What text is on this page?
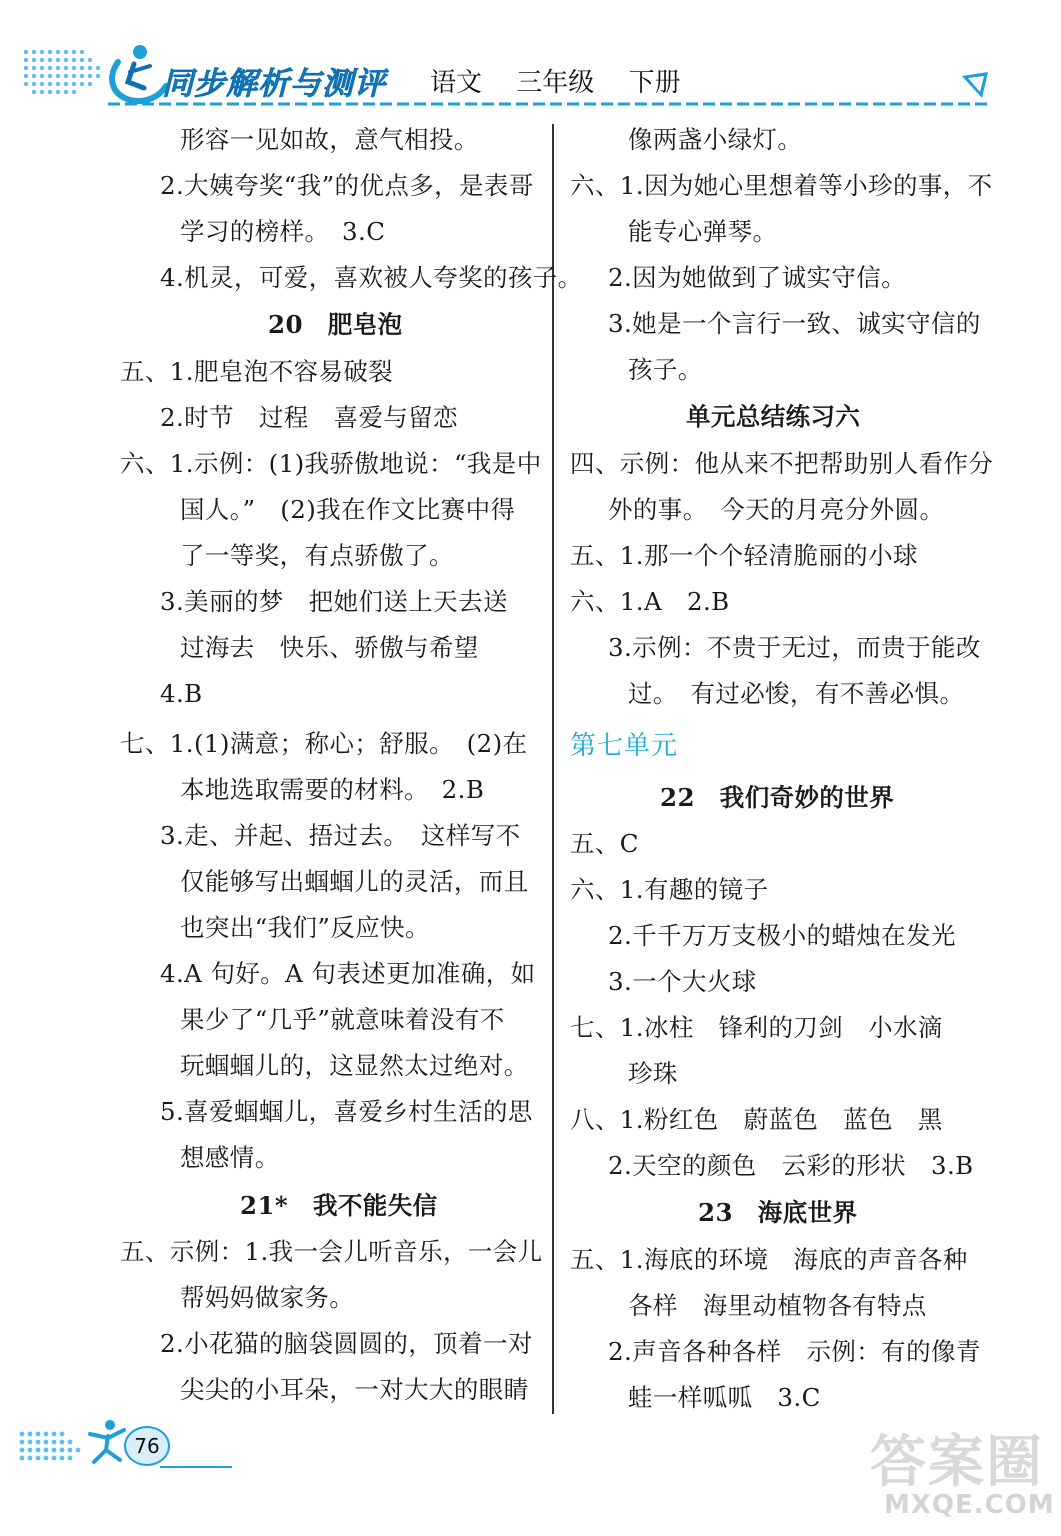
同步解析与测评 语文 三年级 下册
形容一见如故，意气相投。
2.大姨夸奖“我”的优点多，是表哥
学习的榜样。　3.C
4.机灵，可爱，喜欢被人夸奖的孩子。
20　肥皂泡
五、1.肥皂泡不容易破裂
2.时节　过程　喜爱与留恋
六、1.示例：(1)我骄傲地说：“我是中
国人。”　(2)我在作文比赛中得
了一等奖，有点骄傲了。
3.美丽的梦　把她们送上天去送
过海去　快乐、骄傲与希望
4.B
七、1.(1)满意；称心；舒服。　(2)在
本地选取需要的材料。　2.B
3.走、并起、捂过去。　这样写不
仅能够写出蝈蝈儿的灵活，而且
也突出“我们”反应快。
4.A 句好。A 句表述更加准确，如
果少了“几乎”就意味着没有不
玩蝈蝈儿的，这显然太过绝对。
5.喜爱蝈蝈儿，喜爱乡村生活的思
想感情。
21*　我不能失信
五、示例：1.我一会儿听音乐，一会儿
帮妈妈做家务。
2.小花猫的脑袋圆圆的，顶着一对
尖尖的小耳朵，一对大大的眼睛
像两盏小绿灯。
六、1.因为她心里想着等小珍的事，不
能专心弹琴。
2.因为她做到了诚实守信。
3.她是一个言行一致、诚实守信的
孩子。
单元总结练习六
四、示例：他从来不把帮助别人看作分
外的事。　今天的月亮分外圆。
五、1.那一个个轻清脆丽的小球
六、1.A　2.B
3.示例：不贵于无过，而贵于能改
过。　有过必悛，有不善必惧。
第七单元
22　我们奇妙的世界
五、C
六、1.有趣的镜子
2.千千万万支极小的蜡烛在发光
3.一个大火球
七、1.冰柱　锋利的刀剑　小水滴
珍珠
八、1.粉红色　蔚蓝色　蓝色　黑
2.天空的颜色　云彩的形状　3.B
23　海底世界
五、1.海底的环境　海底的声音各种
各样　海里动植物各有特点
2.声音各种各样　示例：有的像青
蛙一样呱呱　3.C
76	答案圈
MXQE.COM
